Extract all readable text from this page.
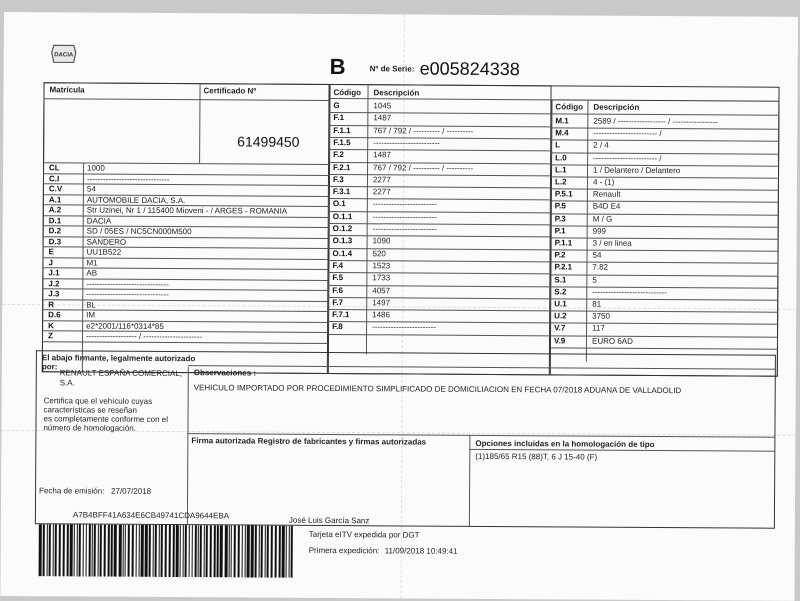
DACIA	B	Nº de Serie: e005824338
Matrícula	Certificado Nº
61499450
CL	1000
C.I	-------------------------------
C.V	54
A.1	AUTOMOBILE DACIA, S.A.
A.2	Str Uzinei, Nr 1 / 115400 Mioveni - / ARGES - ROMANIA
D.1	DACIA
D.2	SD / 05ES / NC5CN000M500
D.3	SANDERO
E	UU1B522
J	M1
J.1	AB
J.2	-------------------------------
J.3	-------------------------------
R	BL
D.6	IM
K	e2*2001/116*0314*85
Z	------------------- / ----------------------
Código Descripción
G	1045
F.1	1487
F.1.1	767 / 792 / ---------- / ----------
F.1.5	-------------------------
F.2	1487
F.2.1	767 / 792 / ---------- / ----------
F.3	2277
F.3.1	2277
O.1	------------------------
O.1.1	------------------------
O.1.2	------------------------
O.1.3	1090
O.1.4	520
F.4	1523
F.5	1733
F.6	4057
F.7	1497
F.7.1	1486
F.8	------------------------
Código Descripción
M.1	2589 / ------------------ / -----------------
M.4	------------------------ /
L	2 / 4
L.0	------------------------ /
L.1	1 / Delantero / Delantero
L.2	4 - (1)
P.5.1	Renault
P.5	B4D E4
P.3	M / G
P.1	999
P.1.1	3 / en linea
P.2	54
P.2.1	7.82
S.1	5
S.2	----------------------------
U.1	81
U.2	3750
V.7	117
V.9	EURO 6AD
El abajo firmante, legalmente autorizado
por:
RENAULT ESPAÑA COMERCIAL,
S.A.
Certifica que el vehículo cuyas
características se reseñan
es completamente conforme con el
número de homologación.
Fecha de emisión: 27/07/2018
Observaciones :
VEHICULO IMPORTADO POR PROCEDIMIENTO SIMPLIFICADO DE DOMICILIACION EN FECHA 07/2018 ADUANA DE VALLADOLID
Firma autorizada Registro de fabricantes y firmas autorizadas
José Luis García Sanz
Opciones incluidas en la homologación de tipo
(1)185/65 R15 (88)T, 6 J 15-40 (F)
A7B4BFF41A634E6CB49741CDA9644EBA
Tarjeta eITV expedida por DGT
Primera expedición: 11/09/2018 10:49:41
